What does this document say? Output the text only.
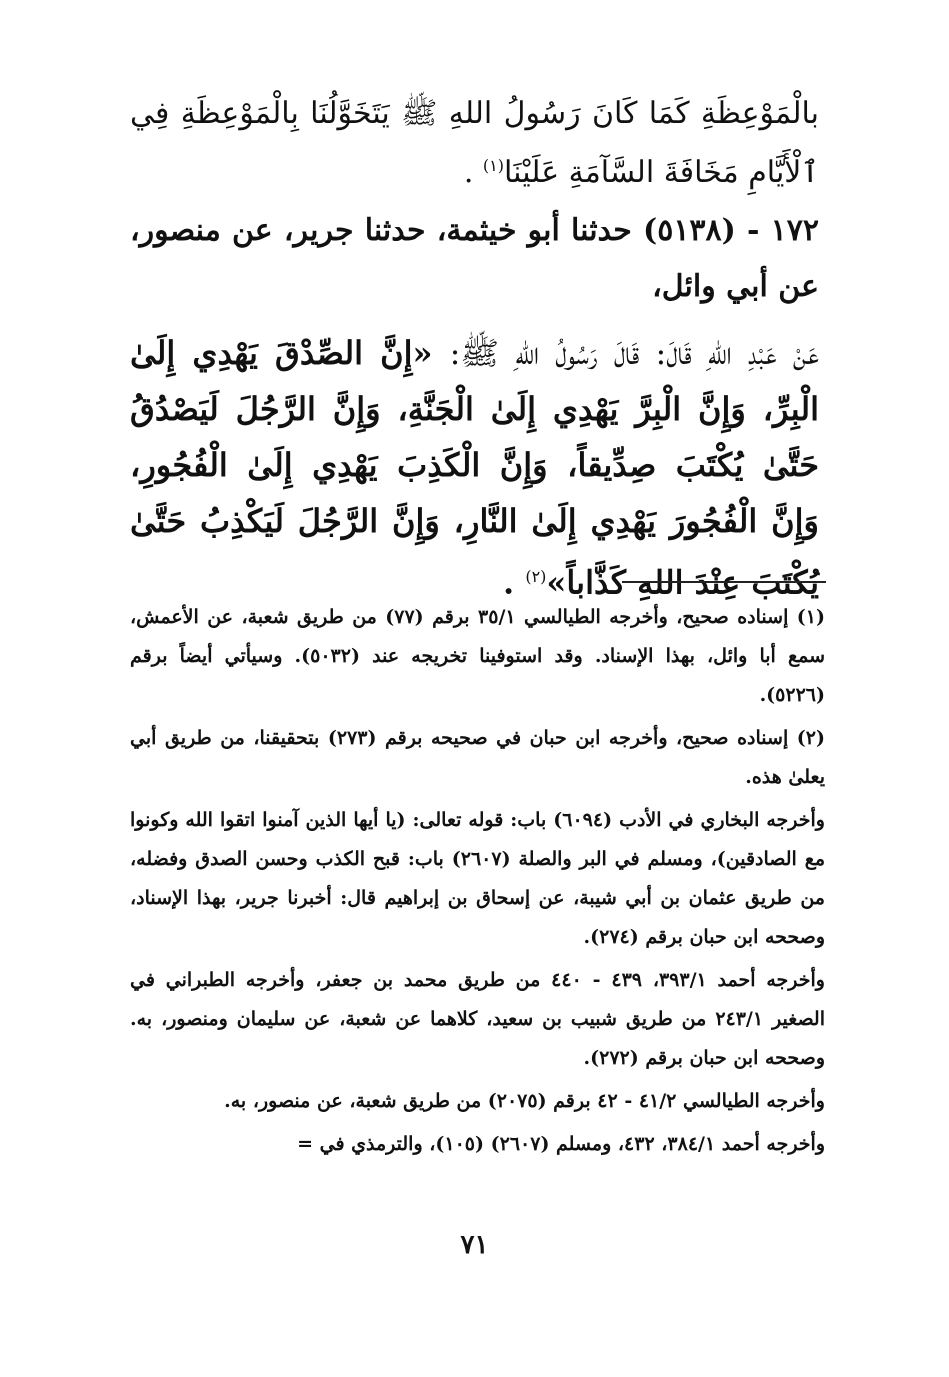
بالْمَوْعِظَةِ كَمَا كَانَ رَسُولُ اللهِ ﷺ يَتَخَوَّلُنَا بِالْمَوْعِظَةِ فِي ٱلْأَيَّامِ مَخَافَةَ السَّآمَةِ عَلَيْنَا$^{(١)}$ .

١٧٢ - (٥١٣٨) حدثنا أبو خيثمة، حدثنا جرير، عن منصور، عن أبي وائل،

عَنْ عَبْدِ اللهِ قَالَ: قَالَ رَسُولُ اللهِ ﷺ: «إِنَّ الصِّدْقَ يَهْدِي إِلَىٰ الْبِرِّ، وَإِنَّ الْبِرَّ يَهْدِي إِلَىٰ الْجَنَّةِ، وَإِنَّ الرَّجُلَ لَيَصْدُقُ حَتَّىٰ يُكْتَبَ صِدِّيقاً، وَإِنَّ الْكَذِبَ يَهْدِي إِلَىٰ الْفُجُورِ، وَإِنَّ الْفُجُورَ يَهْدِي إِلَىٰ النَّارِ، وَإِنَّ الرَّجُلَ لَيَكْذِبُ حَتَّىٰ يُكْتَبَ عِنْدَ اللهِ كَذَّاباً»$^{(٢)}$ .

(١) إسناده صحيح، وأخرجه الطيالسي ٣٥/١ برقم (٧٧) من طريق شعبة، عن الأعمش، سمع أبا وائل، بهذا الإسناد. وقد استوفينا تخريجه عند (٥٠٣٢). وسيأتي أيضاً برقم (٥٢٢٦).

(٢) إسناده صحيح، وأخرجه ابن حبان في صحيحه برقم (٢٧٣) بتحقيقنا، من طريق أبي يعلىٰ هذه.

وأخرجه البخاري في الأدب (٦٠٩٤) باب: قوله تعالى: (يا أيها الذين آمنوا اتقوا الله وكونوا مع الصادقين)، ومسلم في البر والصلة (٢٦٠٧) باب: قبح الكذب وحسن الصدق وفضله، من طريق عثمان بن أبي شيبة، عن إسحاق بن إبراهيم قال: أخبرنا جرير، بهذا الإسناد، وصححه ابن حبان برقم (٢٧٤).

وأخرجه أحمد ٣٩٣/١، ٤٣٩ - ٤٤٠ من طريق محمد بن جعفر، وأخرجه الطبراني في الصغير ٢٤٣/١ من طريق شبيب بن سعيد، كلاهما عن شعبة، عن سليمان ومنصور، به. وصححه ابن حبان برقم (٢٧٢).

وأخرجه الطيالسي ٤١/٢ - ٤٢ برقم (٢٠٧٥) من طريق شعبة، عن منصور، به.

وأخرجه أحمد ٣٨٤/١، ٤٣٢، ومسلم (٢٦٠٧) (١٠٥)، والترمذي في =

٧١
